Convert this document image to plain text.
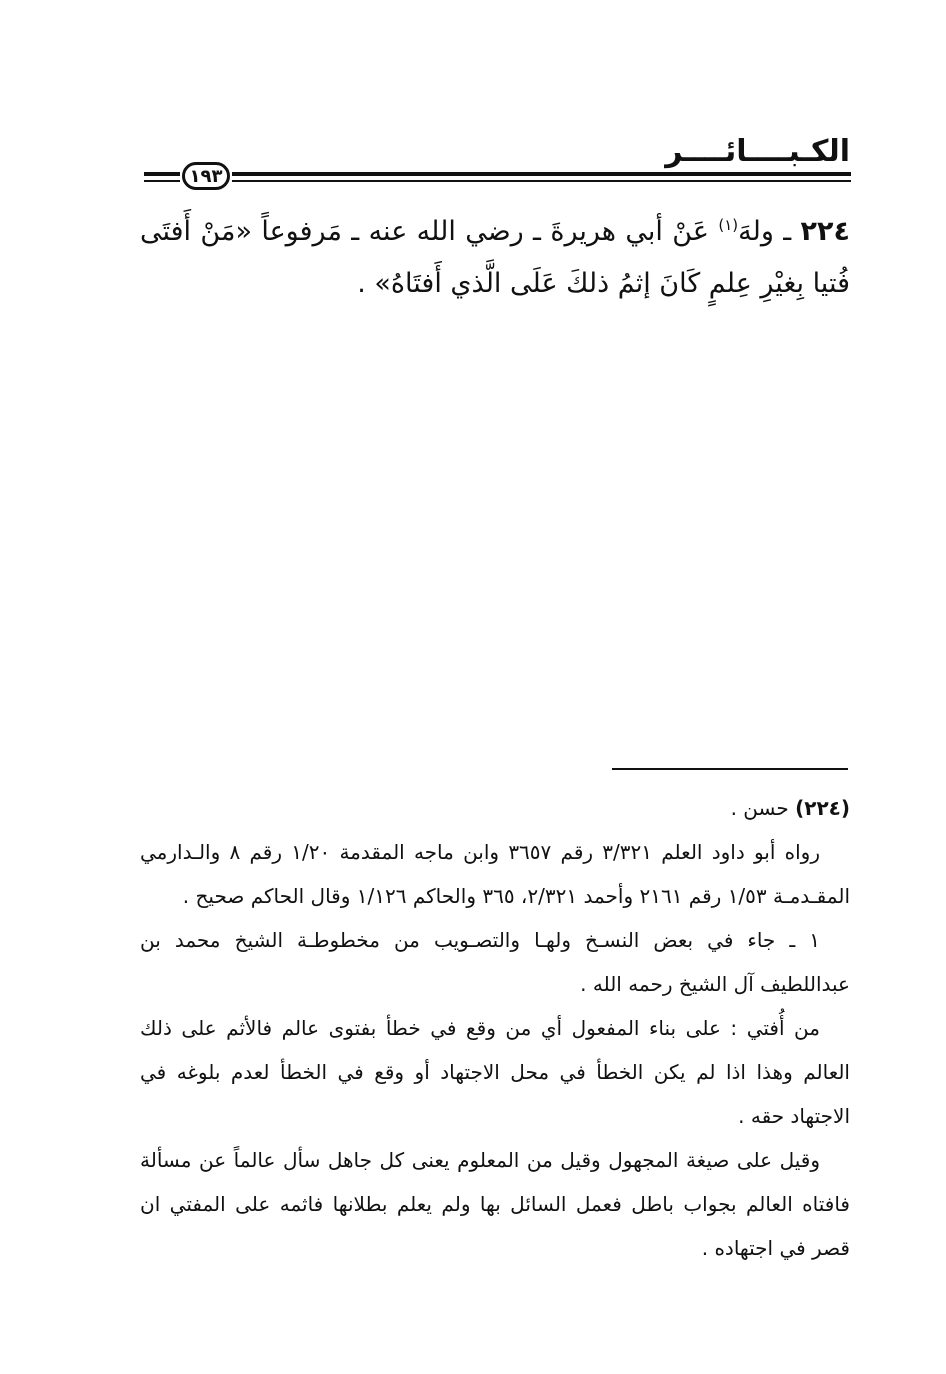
الكـبــــائــــر
١٩٣
٢٢٤ ـ ولهَ$^{(١)}$ عَنْ أبي هريرةَ ـ رضي الله عنه ـ مَرفوعاً «مَنْ أَفتَى فُتيا بِغيْرِ عِلمٍ كَانَ إثمُ ذلكَ عَلَى الَّذي أَفتَاهُ» .

(٢٢٤) حسن .

رواه أبو داود العلم ٣/٣٢١ رقم ٣٦٥٧ وابن ماجه المقدمة ١/٢٠ رقم ٨ والـدارمي المقـدمـة ١/٥٣ رقم ٢١٦١ وأحمد ٢/٣٢١، ٣٦٥ والحاكم ١/١٢٦ وقال الحاكم صحيح .

١ ـ جاء في بعض النسـخ ولهـا والتصـويب من مخطوطـة الشيخ محمد بن عبداللطيف آل الشيخ رحمه الله .

من أُفتي : على بناء المفعول أي من وقع في خطأ بفتوى عالم فالأثم على ذلك العالم وهذا اذا لم يكن الخطأ في محل الاجتهاد أو وقع في الخطأ لعدم بلوغه في الاجتهاد حقه .

وقيل على صيغة المجهول وقيل من المعلوم يعنى كل جاهل سأل عالماً عن مسألة فافتاه العالم بجواب باطل فعمل السائل بها ولم يعلم بطلانها فاثمه على المفتي ان قصر في اجتهاده .
